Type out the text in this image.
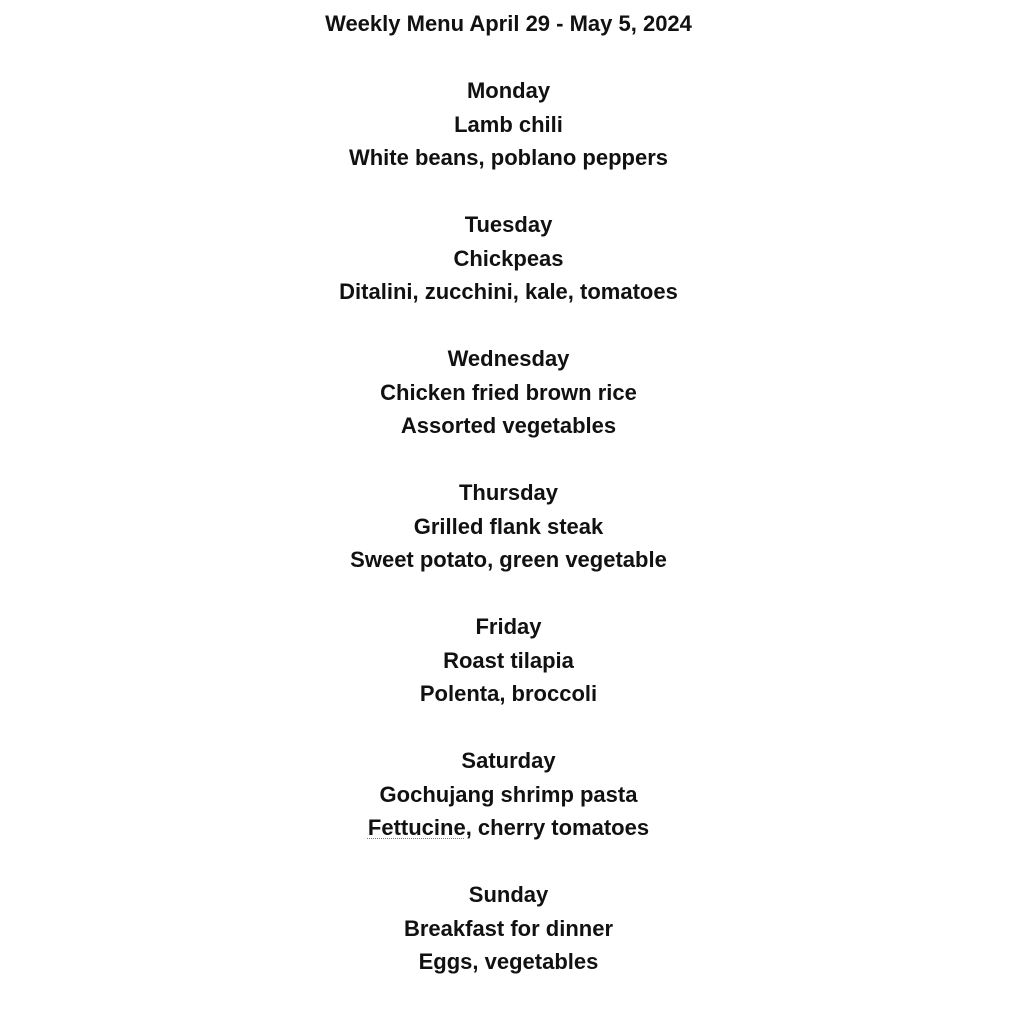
Weekly Menu April 29 - May 5, 2024
Monday
Lamb chili
White beans, poblano peppers
Tuesday
Chickpeas
Ditalini, zucchini, kale, tomatoes
Wednesday
Chicken fried brown rice
Assorted vegetables
Thursday
Grilled flank steak
Sweet potato, green vegetable
Friday
Roast tilapia
Polenta, broccoli
Saturday
Gochujang shrimp pasta
Fettucine, cherry tomatoes
Sunday
Breakfast for dinner
Eggs, vegetables
